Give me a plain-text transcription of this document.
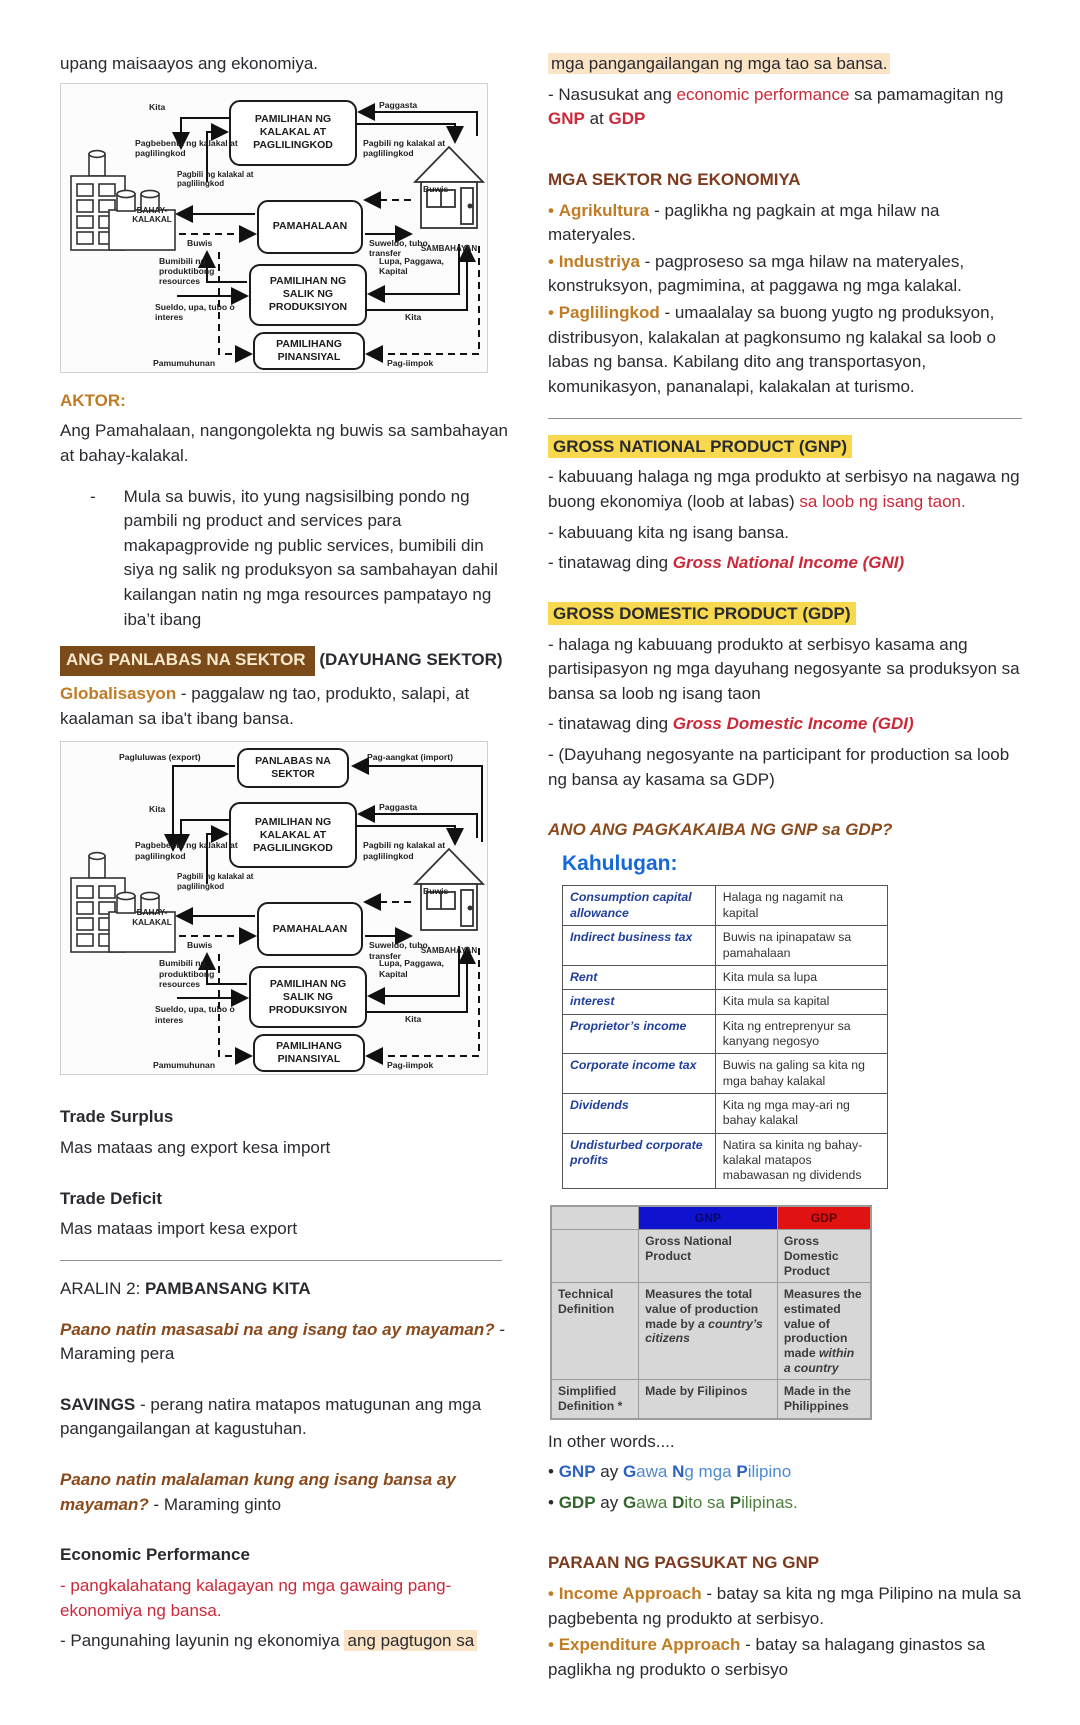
upang maisaayos ang ekonomiya.

PAMILIHAN NG KALAKAL AT PAGLILINGKOD
PAMAHALAAN
PAMILIHAN NG SALIK NG PRODUKSIYON
PAMILIHANG PINANSIYAL
Kita	Paggasta
Pagbebenta ng kalakal at paglilingkod
Pagbili ng kalakal at paglilingkod
Pagbili ng kalakal at paglilingkod	Buwis
BAHAY-KALAKAL
Buwis	Suweldo, tubo, transfer	SAMBAHAYAN
Bumibili ng produktibong resources
Lupa, Paggawa, Kapital
Sueldo, upa, tubo o interes	Kita
Pamumuhunan	Pag-iimpok

AKTOR:

Ang Pamahalaan, nangongolekta ng buwis sa sambahayan at bahay-kalakal.

- Mula sa buwis, ito yung nagsisilbing pondo ng pambili ng product and services para makapagprovide ng public services, bumibili din siya ng salik ng produksyon sa sambahayan dahil kailangan natin ng mga resources pampatayo ng iba’t ibang

ANG PANLABAS NA SEKTOR (DAYUHANG SEKTOR)

Globalisasyon - paggalaw ng tao, produkto, salapi, at kaalaman sa iba't ibang bansa.

PANLABAS NA SEKTOR
Pagluluwas (export)	Pag-aangkat (import)
PAMILIHAN NG KALAKAL AT PAGLILINGKOD
PAMAHALAAN
PAMILIHAN NG SALIK NG PRODUKSIYON
PAMILIHANG PINANSIYAL
Kita	Paggasta
Pagbebenta ng kalakal at paglilingkod
Pagbili ng kalakal at paglilingkod
Pagbili ng kalakal at paglilingkod	Buwis
BAHAY-KALAKAL
Buwis	Suweldo, tubo, transfer	SAMBAHAYAN
Bumibili ng produktibong resources
Lupa, Paggawa, Kapital
Sueldo, upa, tubo o interes	Kita
Pamumuhunan	Pag-iimpok

Trade Surplus

Mas mataas ang export kesa import

Trade Deficit

Mas mataas import kesa export

ARALIN 2: PAMBANSANG KITA

Paano natin masasabi na ang isang tao ay mayaman? -Maraming pera

SAVINGS - perang natira matapos matugunan ang mga pangangailangan at kagustuhan.

Paano natin malalaman kung ang isang bansa ay mayaman? - Maraming ginto

Economic Performance

- pangkalahatang kalagayan ng mga gawaing pang-ekonomiya ng bansa.

- Pangunahing layunin ng ekonomiya ang pagtugon sa

mga pangangailangan ng mga tao sa bansa.

- Nasusukat ang economic performance sa pamamagitan ng GNP at GDP

MGA SEKTOR NG EKONOMIYA

• Agrikultura - paglikha ng pagkain at mga hilaw na materyales.

• Industriya - pagproseso sa mga hilaw na materyales, konstruksyon, pagmimina, at paggawa ng mga kalakal.

• Paglilingkod - umaalalay sa buong yugto ng produksyon, distribusyon, kalakalan at pagkonsumo ng kalakal sa loob o labas ng bansa. Kabilang dito ang transportasyon, komunikasyon, pananalapi, kalakalan at turismo.

GROSS NATIONAL PRODUCT (GNP)

- kabuuang halaga ng mga produkto at serbisyo na nagawa ng buong ekonomiya (loob at labas) sa loob ng isang taon.

- kabuuang kita ng isang bansa.

- tinatawag ding Gross National Income (GNI)

GROSS DOMESTIC PRODUCT (GDP)

- halaga ng kabuuang produkto at serbisyo kasama ang partisipasyon ng mga dayuhang negosyante sa produksyon sa bansa sa loob ng isang taon

- tinatawag ding Gross Domestic Income (GDI)

- (Dayuhang negosyante na participant for production sa loob ng bansa ay kasama sa GDP)

ANO ANG PAGKAKAIBA NG GNP sa GDP?

Kahulugan:
Consumption capital allowance	Halaga ng nagamit na kapital
Indirect business tax	Buwis na ipinapataw sa pamahalaan
Rent	Kita mula sa lupa
interest	Kita mula sa kapital
Proprietor’s income	Kita ng entreprenyur sa kanyang negosyo
Corporate income tax	Buwis na galing sa kita ng mga bahay kalakal
Dividends	Kita ng mga may-ari ng bahay kalakal
Undisturbed corporate profits	Natira sa kinita ng bahay-kalakal matapos mabawasan ng dividends
	GNP	GDP
	Gross National Product	Gross Domestic Product
Technical Definition	Measures the total value of production made by a country’s citizens	Measures the estimated value of production made within a country
Simplified Definition *	Made by Filipinos	Made in the Philippines

In other words....

• GNP ay Gawa Ng mga Pilipino

• GDP ay Gawa Dito sa Pilipinas.

PARAAN NG PAGSUKAT NG GNP

• Income Approach - batay sa kita ng mga Pilipino na mula sa pagbebenta ng produkto at serbisyo.

• Expenditure Approach - batay sa halagang ginastos sa paglikha ng produkto o serbisyo
